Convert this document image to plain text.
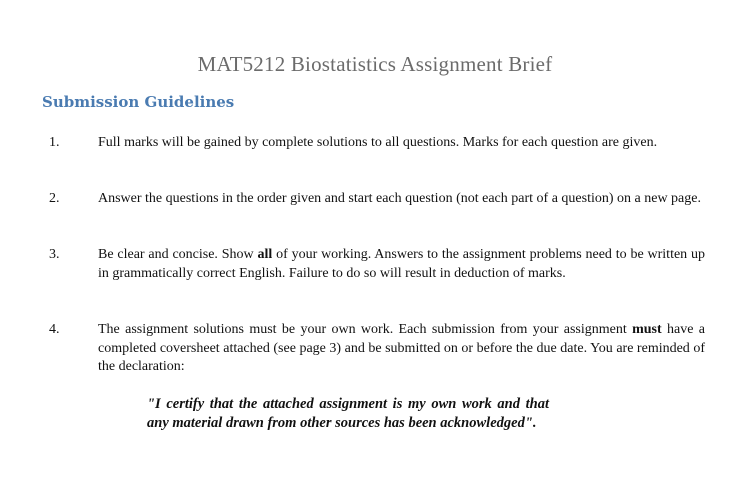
MAT5212 Biostatistics Assignment Brief
Submission Guidelines
1.	Full marks will be gained by complete solutions to all questions. Marks for each question are given.
2.	Answer the questions in the order given and start each question (not each part of a question) on a new page.
3.	Be clear and concise. Show all of your working. Answers to the assignment problems need to be written up in grammatically correct English. Failure to do so will result in deduction of marks.
4.	The assignment solutions must be your own work. Each submission from your assignment must have a completed coversheet attached (see page 3) and be submitted on or before the due date. You are reminded of the declaration:
"I certify that the attached assignment is my own work and that any material drawn from other sources has been acknowledged".
